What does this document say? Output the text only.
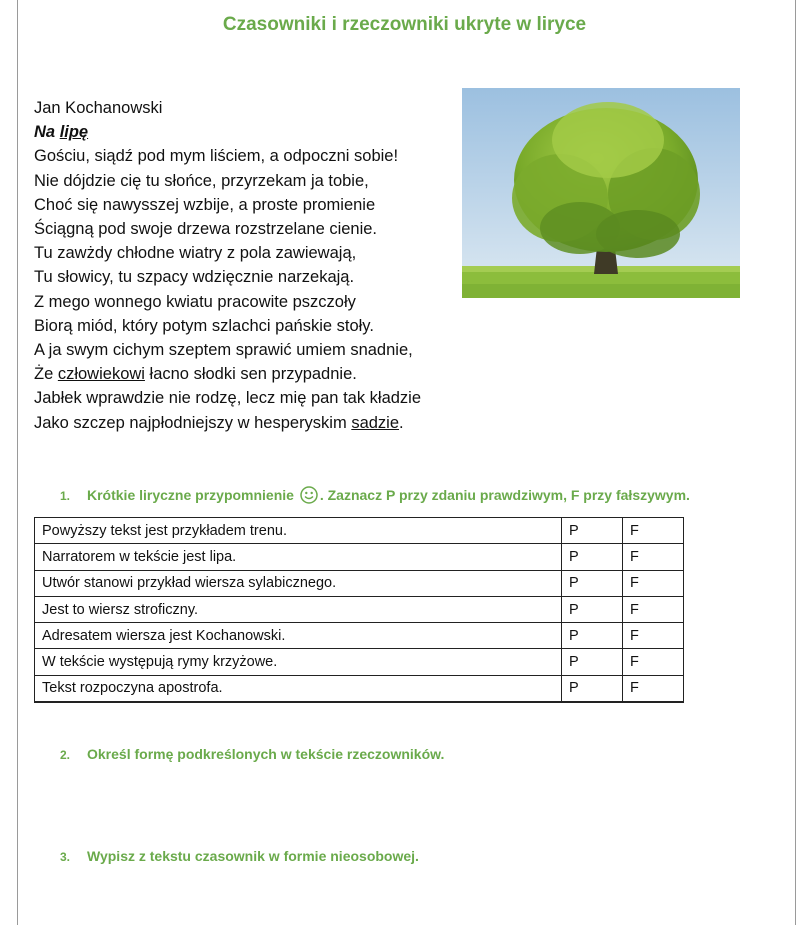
Czasowniki i rzeczowniki ukryte w liryce
Jan Kochanowski
Na lipę
Gościu, siądź pod mym liściem, a odpoczni sobie!
Nie dójdzie cię tu słońce, przyrzekam ja tobie,
Choć się nawysszej wzbije, a proste promienie
Ściągną pod swoje drzewa rozstrzelane cienie.
Tu zawżdy chłodne wiatry z pola zawiewają,
Tu słowicy, tu szpacy wdzięcznie narzekają.
Z mego wonnego kwiatu pracowite pszczoły
Biorą miód, który potym szlachci pańskie stoły.
A ja swym cichym szeptem sprawić umiem snadnie,
Że człowiekowi łacno słodki sen przypadnie.
Jabłek wprawdzie nie rodzę, lecz mię pan tak kładzie
Jako szczep najpłodniejszy w hesperyskim sadzie.
1. Krótkie liryczne przypomnienie . Zaznacz P przy zdaniu prawdziwym, F przy fałszywym.
Powyższy tekst jest przykładem trenu.	P	F
Narratorem w tekście jest lipa.	P	F
Utwór stanowi przykład wiersza sylabicznego.	P	F
Jest to wiersz stroficzny.	P	F
Adresatem wiersza jest Kochanowski.	P	F
W tekście występują rymy krzyżowe.	P	F
Tekst rozpoczyna apostrofa.	P	F
2. Określ formę podkreślonych w tekście rzeczowników.
3. Wypisz z tekstu czasownik w formie nieosobowej.
